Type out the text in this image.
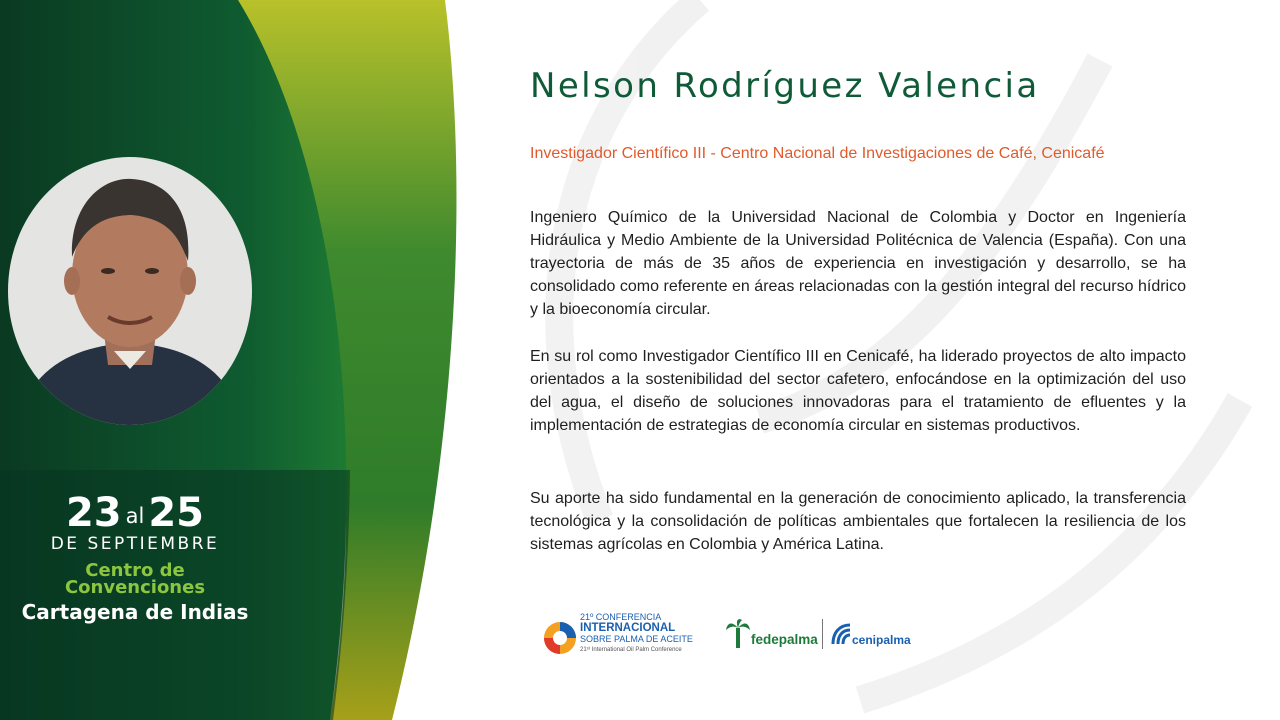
23 al 25
DE SEPTIEMBRE
Centro de
Convenciones
Cartagena de Indias
Nelson Rodríguez Valencia
Investigador Científico III - Centro Nacional de Investigaciones de Café, Cenicafé

Ingeniero Químico de la Universidad Nacional de Colombia y Doctor en Ingeniería Hidráulica y Medio Ambiente de la Universidad Politécnica de Valencia (España). Con una trayectoria de más de 35 años de experiencia en investigación y desarrollo, se ha consolidado como referente en áreas relacionadas con la gestión integral del recurso hídrico y la bioeconomía circular.

En su rol como Investigador Científico III en Cenicafé, ha liderado proyectos de alto impacto orientados a la sostenibilidad del sector cafetero, enfocándose en la optimización del uso del agua, el diseño de soluciones innovadoras para el tratamiento de efluentes y la implementación de estrategias de economía circular en sistemas productivos.

Su aporte ha sido fundamental en la generación de conocimiento aplicado, la transferencia tecnológica y la consolidación de políticas ambientales que fortalecen la resiliencia de los sistemas agrícolas en Colombia y América Latina.

21º CONFERENCIA
INTERNACIONAL
SOBRE PALMA DE ACEITE
21ˢᵗ International Oil Palm Conference
fedepalma	cenipalma
